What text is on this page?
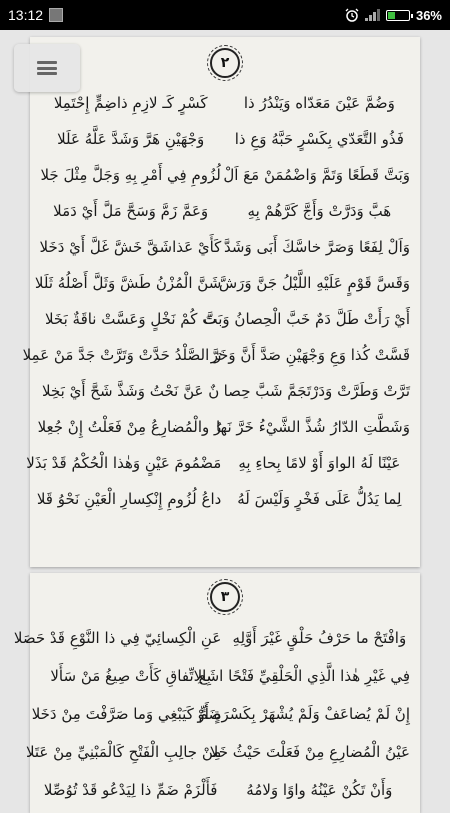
13:12	36%
٢
وَضُمَّ عَيْنَ مَعَدّاه وَيَنْدُرُ ذا
كَسْرٍ كَـ لازِمِ ذاضِمٍّ إِحْتَمِلا
فَذُو التَّعَدّي بِكَسْرٍ حَبَّهُ وَعِ ذا
وَجْهَيْنِ هَرَّ وَشَدَّ عَلَّهُ عَلَلا
وَبَتَّ قَطَعًا وَتَمَّ وَاضْمُمَنْ مَعَ اَلْ
لُزُومِ فِي أَمْرِ بِهِ وَجَلَّ مِثْلَ جَلا
هَبَّ وَدَرَّتْ وَأَجَّ كَرَّهُمْ بِهِ
وَعَمَّ زَمَّ وَسَحَّ مَلَّ أَيْ دَمَلا
وَاَلْ لِفَعًا وَصَرَّ خاسَّكَ أَبَى وَشَدَّ
كَأَيْ عَذاشَقَّ خَشَّ غَلَّ أَيْ دَخَلا
وَقَسَّ قَوْمٍ عَلَيْهِ اللَّيْلُ جَنَّ وَرَشَّ
شَنَّ الْمُزْنُ طَشَّ وَثَلَّ أَصْلُهُ ثَلَلا
أَيْ رَأَتْ طَلَّ دَمٌ خَبَّ الْحِصانُ وَبَتَّ
تَ كُمْ نَخْلٍ وَعَسَّتْ ناقَةٌ بَخَلا
قَسَّتْ كُذا وَعِ وَجْهَيْنِ صَدَّ أَنَّ وَخَرَّ
رَ الصَّلْدُ حَدَّتْ وَتَرَّتْ جَدَّ مَنْ عَمِلا
تَرَّتْ وَطَرَّتْ وَدَرْتَجَمَّ شَبَّ حِصا
نٌ عَنَّ نَحْتُ وَشَذَّ شَحَّ أَيْ بَخِلا
وَشَطَّتِ الدّارُ شُذَّ الشَّيْءُ خَرَّ نَها
رُ والْمُضارِعُ مِنْ فَعَلْتُ إِنْ جُعِلا
عَيْنًا لَهُ الواوَ أَوْ لامًا بِحاءِ بِهِ
مَضْمُومَ عَيْنٍ وَهٰذا الْحُكْمُ قَدْ بَذَلا
لِما يَدُلُّ عَلَى فَخْرٍ وَلَيْسَ لَهُ
داعُ لُزُومِ إِنْكِسارِ الْعَيْنِ نَحْوُ قَلا
٣
وَافْتَحْ ما حَرْفُ حَلْقٍ غَيْرَ أَوَّلِهِ
عَنِ الْكِسائِيّ فِي ذا النَّوْعِ قَدْ حَصَلا
فِي غَيْرِ هٰذا الَّذِي الْحَلْقِيِّ فَتْحًا اشَع
بِالِاتِّفاقِ كَأَتْ صِيغُ مَنْ سَأَلا
إِنْ لَمْ يُضاعَفْ وَلَمْ يُشْهَرْ بِكَسْرَةٍ أَوْ
ضَمٍّ كَيَبْغِي وَما صَرَّفْتَ مِنْ دَخَلا
عَيْنُ الْمُضارِعِ مِنْ فَعَلْتَ حَيْثُ خَلا
مِنْ جالِبِ الْفَتْحِ كَالْمَبْنِيِّ مِنْ عَتَلا
وَأَنْ تَكُنْ عَيْنُهُ واوًا وَلامُهُ
فَأَلْزَمْ ضَمِّ ذا لِيَدْعُو قَدْ تُوُصِّلا
